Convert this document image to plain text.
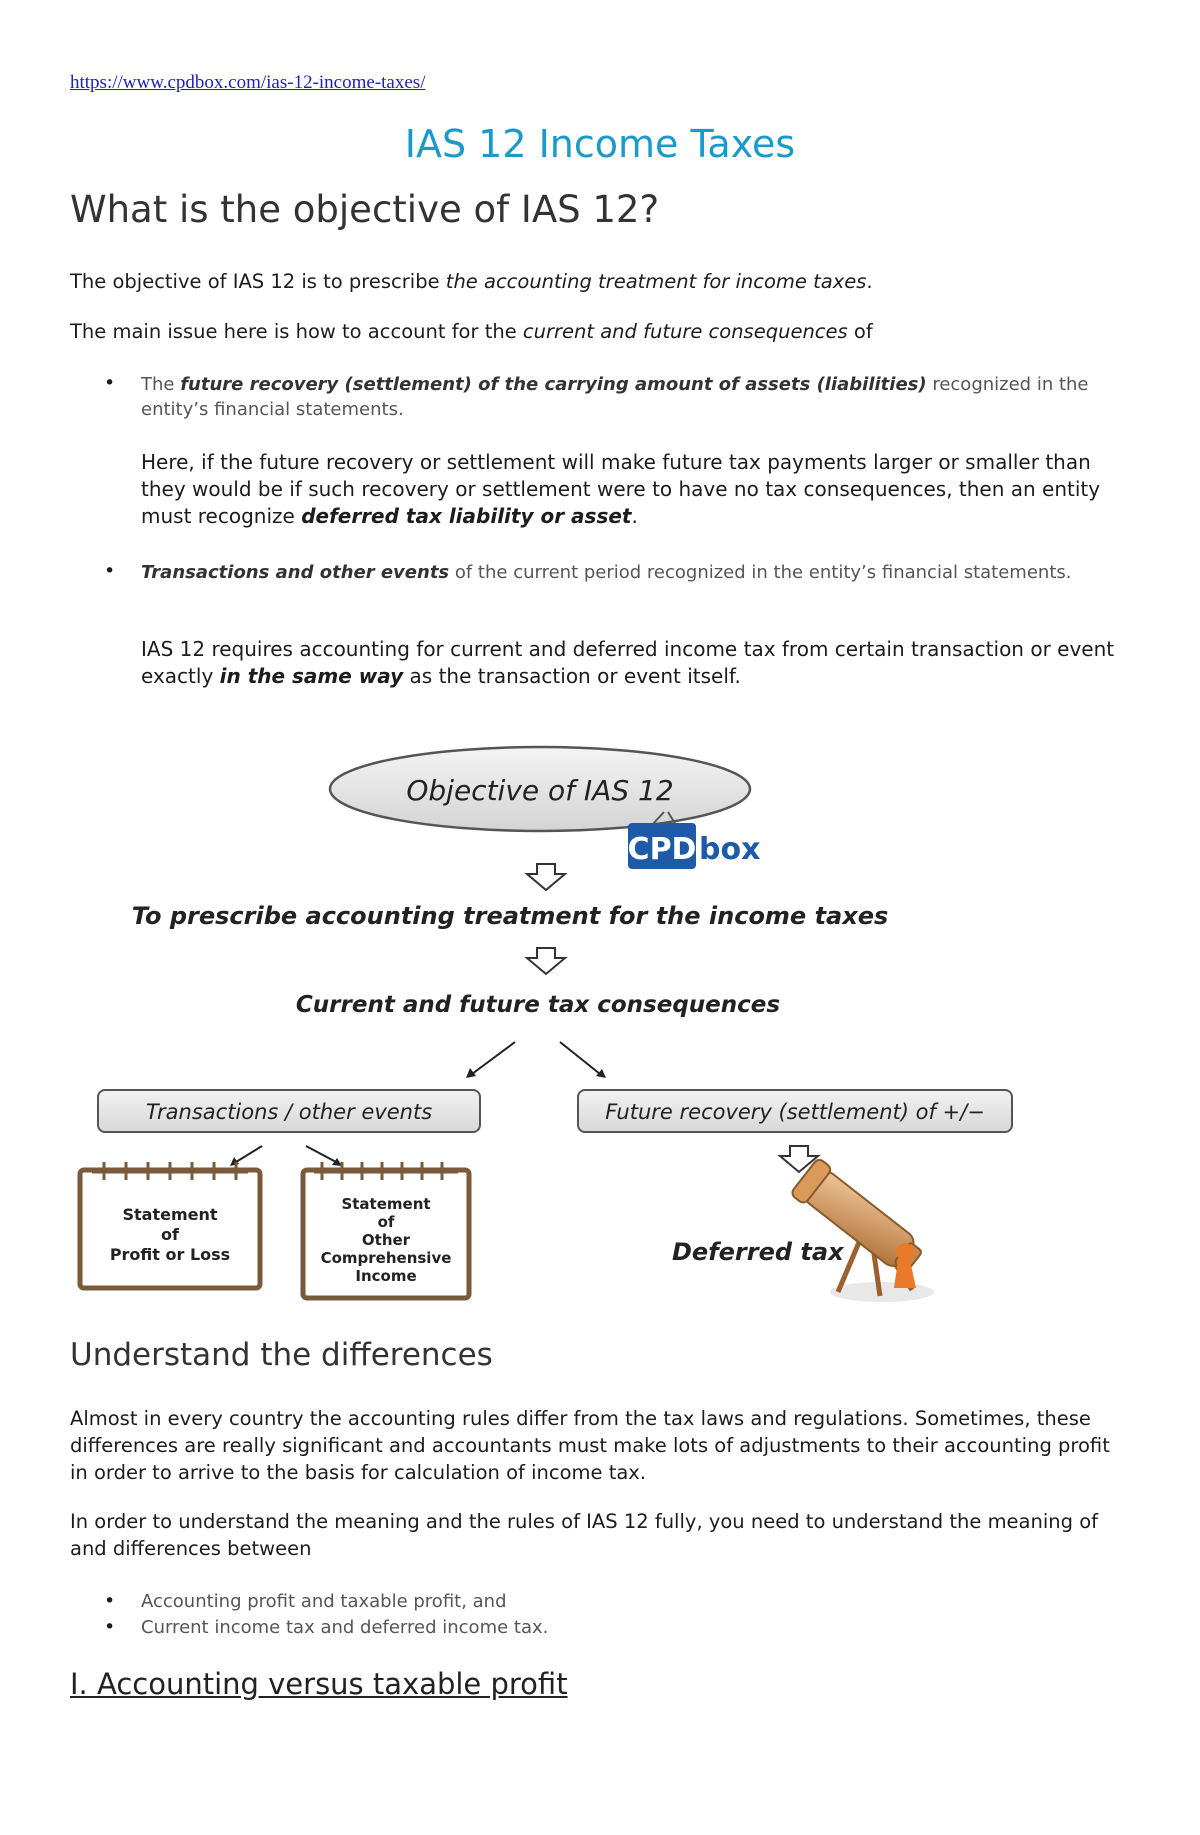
https://www.cpdbox.com/ias-12-income-taxes/
IAS 12 Income Taxes
What is the objective of IAS 12?

The objective of IAS 12 is to prescribe the accounting treatment for income taxes.

The main issue here is how to account for the current and future consequences of

• The future recovery (settlement) of the carrying amount of assets (liabilities) recognized in the entity’s financial statements.

Here, if the future recovery or settlement will make future tax payments larger or smaller than they would be if such recovery or settlement were to have no tax consequences, then an entity must recognize deferred tax liability or asset.

• Transactions and other events of the current period recognized in the entity’s financial statements.

IAS 12 requires accounting for current and deferred income tax from certain transaction or event exactly in the same way as the transaction or event itself.

Objective of IAS 12
CPD box
To prescribe accounting treatment for the income taxes
Current and future tax consequences
Transactions / other events	Future recovery (settlement) of +/−
Statement
of
Profit or Loss
Statement
of
Other
Comprehensive
Income
Deferred tax
Understand the differences

Almost in every country the accounting rules differ from the tax laws and regulations. Sometimes, these differences are really significant and accountants must make lots of adjustments to their accounting profit in order to arrive to the basis for calculation of income tax.

In order to understand the meaning and the rules of IAS 12 fully, you need to understand the meaning of and differences between

• Accounting profit and taxable profit, and
• Current income tax and deferred income tax.
I. Accounting versus taxable profit
